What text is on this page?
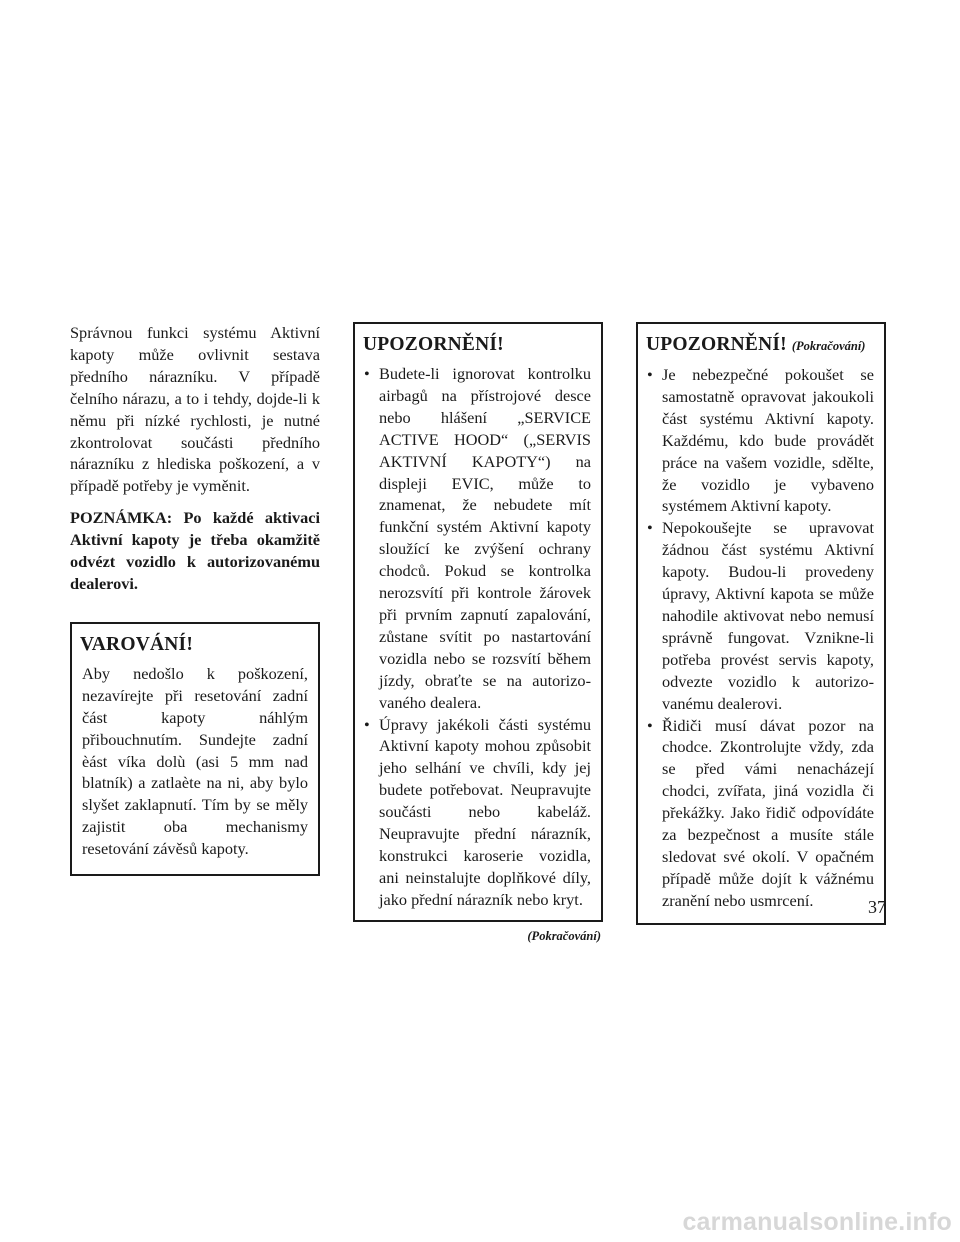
Správnou funkci systému Aktivní kapoty může ovlivnit sestava předního nárazníku. V případě čelního nárazu, a to i tehdy, dojde-li k němu při nízké rychlosti, je nutné zkontrolovat součásti předního nárazníku z hlediska poškození, a v případě potřeby je vyměnit.

POZNÁMKA: Po každé aktivaci Aktivní kapoty je třeba okamžitě odvézt vozidlo k autorizovanému dealerovi.

VAROVÁNÍ!

Aby nedošlo k poškození, nezavírejte při resetování zadní část kapoty náhlým přibouchnutím. Sundejte zadní èást víka dolù (asi 5 mm nad blatník) a zatlaète na ni, aby bylo slyšet zaklapnutí. Tím by se měly zajistit oba mechanismy resetování závěsů kapoty.

UPOZORNĚNÍ!
• Budete-li ignorovat kontrolku airbagů na přístrojové desce nebo hlášení „SERVICE ACTIVE HOOD“ („SERVIS AKTIVNÍ KAPOTY“) na displeji EVIC, může to znamenat, že nebudete mít funkční systém Aktivní kapoty sloužící ke zvýšení ochrany chodců. Pokud se kontrolka nerozsvítí při kontrole žárovek při prvním zapnutí zapalování, zůstane svítit po nastartování vozidla nebo se rozsvítí během jízdy, obraťte se na autorizovaného dealera.
• Úpravy jakékoli části systému Aktivní kapoty mohou způsobit jeho selhání ve chvíli, kdy jej budete potřebovat. Neupravujte součásti nebo kabeláž. Neupravujte přední nárazník, konstrukci karoserie vozidla, ani neinstalujte doplňkové díly, jako přední nárazník nebo kryt.
(Pokračování)
UPOZORNĚNÍ! (Pokračování)
• Je nebezpečné pokoušet se samostatně opravovat jakoukoli část systému Aktivní kapoty. Každému, kdo bude provádět práce na vašem vozidle, sdělte, že vozidlo je vybaveno systémem Aktivní kapoty.
• Nepokoušejte se upravovat žádnou část systému Aktivní kapoty. Budou-li provedeny úpravy, Aktivní kapota se může nahodile aktivovat nebo nemusí správně fungovat. Vznikne-li potřeba provést servis kapoty, odvezte vozidlo k autorizovanému dealerovi.
• Řidiči musí dávat pozor na chodce. Zkontrolujte vždy, zda se před vámi nenacházejí chodci, zvířata, jiná vozidla či překážky. Jako řidič odpovídáte za bezpečnost a musíte stále sledovat své okolí. V opačném případě může dojít k vážnému zranění nebo usmrcení.	37
carmanualsonline.info
